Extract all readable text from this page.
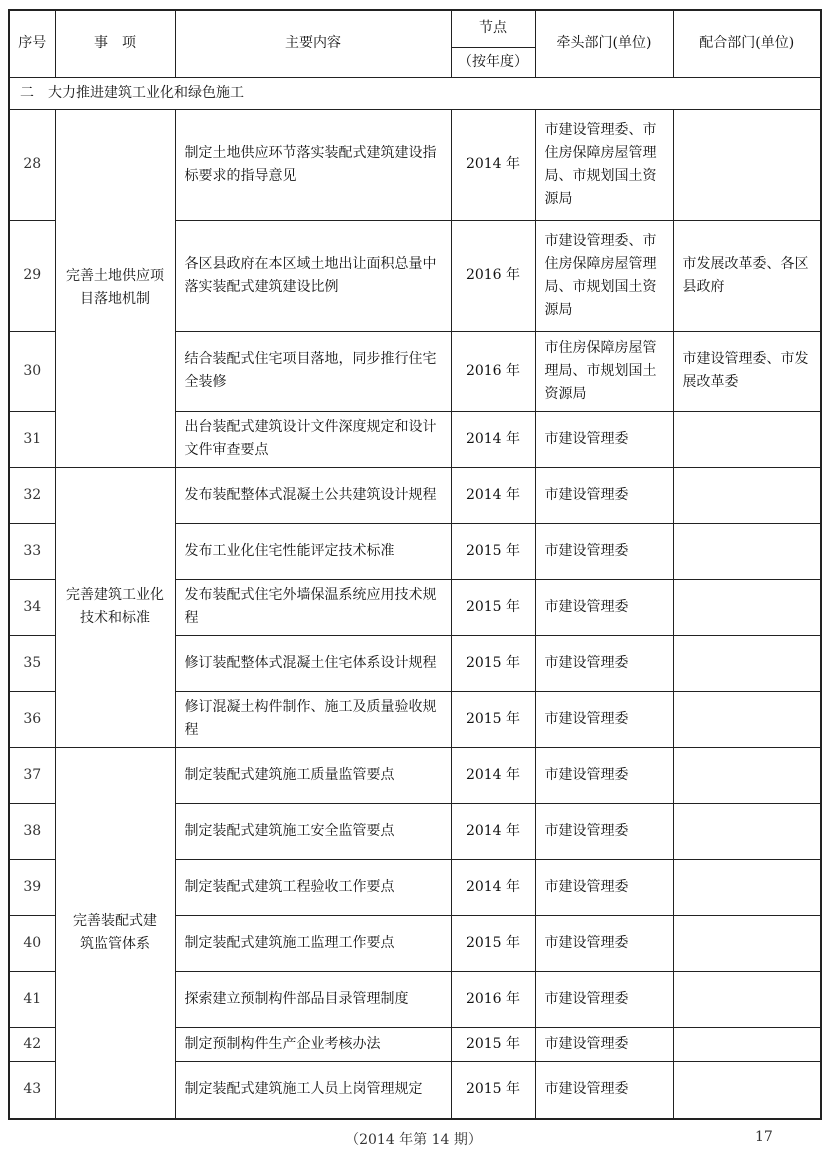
序号	事　项	主要内容	节点	牵头部门(单位)	配合部门(单位)
			（按年度）		
二　大力推进建筑工业化和绿色施工					
28	完善土地供应项目落地机制	制定土地供应环节落实装配式建筑建设指标要求的指导意见	2014 年	市建设管理委、市住房保障房屋管理局、市规划国土资源局	
29		各区县政府在本区域土地出让面积总量中落实装配式建筑建设比例	2016 年	市建设管理委、市住房保障房屋管理局、市规划国土资源局	市发展改革委、各区县政府
30		结合装配式住宅项目落地，同步推行住宅全装修	2016 年	市住房保障房屋管理局、市规划国土资源局	市建设管理委、市发展改革委
31		出台装配式建筑设计文件深度规定和设计文件审查要点	2014 年	市建设管理委	
32	完善建筑工业化技术和标准	发布装配整体式混凝土公共建筑设计规程	2014 年	市建设管理委	
33		发布工业化住宅性能评定技术标准	2015 年	市建设管理委	
34		发布装配式住宅外墙保温系统应用技术规程	2015 年	市建设管理委	
35		修订装配整体式混凝土住宅体系设计规程	2015 年	市建设管理委	
36		修订混凝土构件制作、施工及质量验收规程	2015 年	市建设管理委	
37	完善装配式建筑监管体系	制定装配式建筑施工质量监管要点	2014 年	市建设管理委	
38		制定装配式建筑施工安全监管要点	2014 年	市建设管理委	
39		制定装配式建筑工程验收工作要点	2014 年	市建设管理委	
40		制定装配式建筑施工监理工作要点	2015 年	市建设管理委	
41		探索建立预制构件部品目录管理制度	2016 年	市建设管理委	
42		制定预制构件生产企业考核办法	2015 年	市建设管理委	
43		制定装配式建筑施工人员上岗管理规定	2015 年	市建设管理委	
（2014 年第 14 期）	17
